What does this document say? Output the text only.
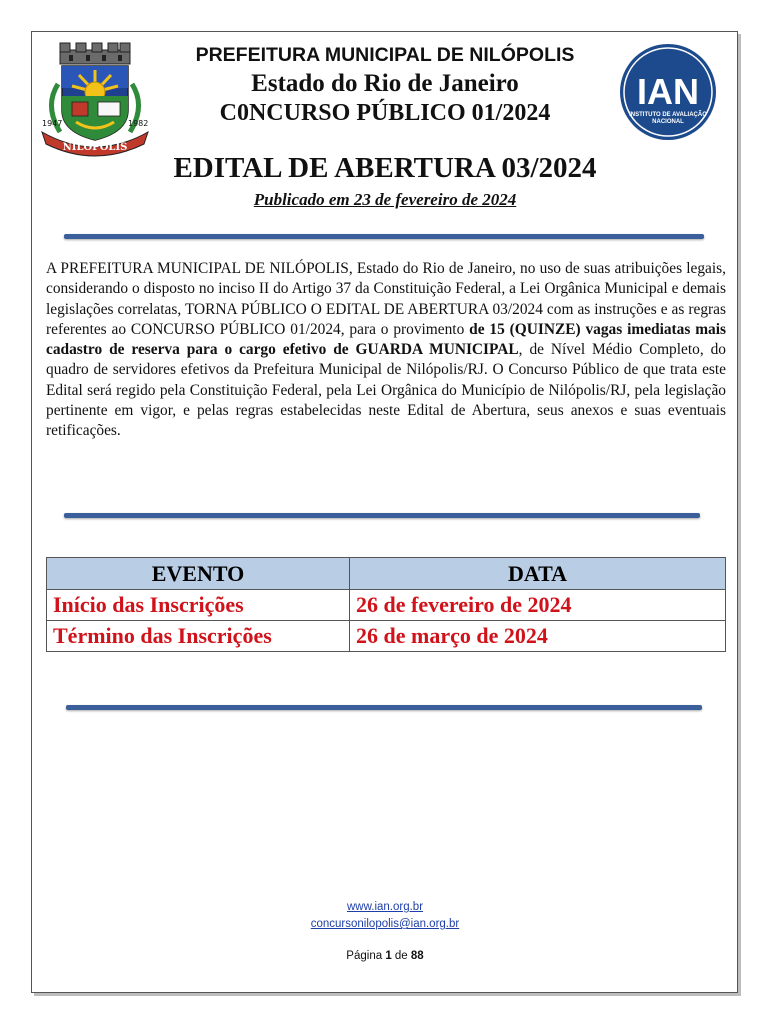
1947	1982
NILÓPOLIS
IAN
INSTITUTO DE AVALIAÇÃO
NACIONAL
PREFEITURA MUNICIPAL DE NILÓPOLIS
Estado do Rio de Janeiro
C0NCURSO PÚBLICO 01/2024
EDITAL DE ABERTURA 03/2024
Publicado em 23 de fevereiro de 2024
A PREFEITURA MUNICIPAL DE NILÓPOLIS, Estado do Rio de Janeiro, no uso de suas atribuições legais, considerando o disposto no inciso II do Artigo 37 da Constituição Federal, a Lei Orgânica Municipal e demais legislações correlatas, TORNA PÚBLICO O EDITAL DE ABERTURA 03/2024 com as instruções e as regras referentes ao CONCURSO PÚBLICO 01/2024, para o provimento de 15 (QUINZE) vagas imediatas mais cadastro de reserva para o cargo efetivo de GUARDA MUNICIPAL, de Nível Médio Completo, do quadro de servidores efetivos da Prefeitura Municipal de Nilópolis/RJ. O Concurso Público de que trata este Edital será regido pela Constituição Federal, pela Lei Orgânica do Município de Nilópolis/RJ, pela legislação pertinente em vigor, e pelas regras estabelecidas neste Edital de Abertura, seus anexos e suas eventuais retificações.
EVENTO	DATA
Início das Inscrições	26 de fevereiro de 2024
Término das Inscrições	26 de março de 2024
www.ian.org.br
concursonilopolis@ian.org.br
Página 1 de 88
